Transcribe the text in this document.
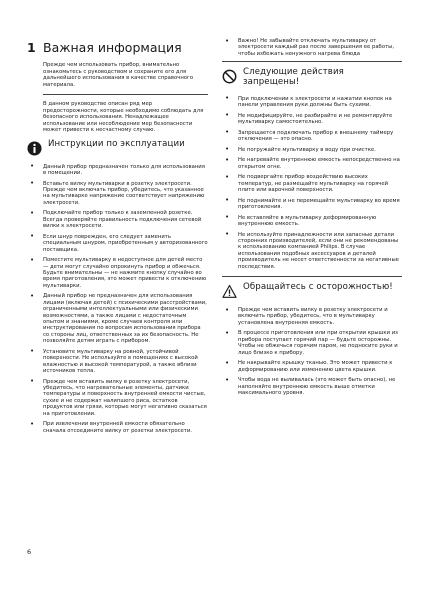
1 Важная информация

Прежде чем использовать прибор, внимательно ознакомьтесь с руководством и сохраните его для дальнейшего использования в качестве справочного материала.

В данном руководстве описан ряд мер предосторожности, которые необходимо соблюдать для безопасного использования. Ненадлежащее использование или несоблюдение мер безопасности может привести к несчастному случаю.

Инструкции по эксплуатации
• Данный прибор предназначен только для использования в помещении.
• Вставьте вилку мультиварки в розетку электросети. Прежде чем включать прибор, убедитесь, что указанное на мультиварке напряжение соответствует напряжению электросети.
• Подключайте прибор только к заземленной розетке. Всегда проверяйте правильность подключения сетевой вилки к электросети.
• Если шнур поврежден, его следует заменить специальным шнуром, приобретенным у авторизованного поставщика.
• Поместите мультиварку в недоступное для детей место — дети могут случайно опрокинуть прибор и обжечься. Будьте внимательны — не нажмите кнопку случайно во время приготовления, это может привести к отключению мультиварки.
• Данный прибор не предназначен для использования лицами (включая детей) с психическими расстройствами, ограниченными интеллектуальными или физическими возможностями, а также лицами с недостаточным опытом и знаниями, кроме случаев контроля или инструктирования по вопросам использования прибора со стороны лиц, ответственных за их безопасность. Не позволяйте детям играть с прибором.
• Установите мультиварку на ровной, устойчивой поверхности. Не используйте в помещениях с высокой влажностью и высокой температурой, а также вблизи источников тепла.
• Прежде чем вставить вилку в розетку электросети, убедитесь, что нагревательные элементы, датчики температуры и поверхность внутренней емкости чистые, сухие и не содержат налипшего риса, остатков продуктов или грязи, которые могут негативно сказаться на приготовлении.
• При извлечении внутренней емкости обязательно сначала отсоедините вилку от розетки электросети.
• Важно! Не забывайте отключать мультиварку от электросети каждый раз после завершения ее работы, чтобы избежать ненужного нагрева блюда
Следующие действия запрещены!
• При подключении к электросети и нажатии кнопок на панели управления руки должны быть сухими.
• Не модифицируйте, не разбирайте и не ремонтируйте мультиварку самостоятельно.
• Запрещается подключать прибор к внешнему таймеру отключения — это опасно.
• Не погружайте мультиварку в воду при очистке.
• Не нагревайте внутреннюю емкость непосредственно на открытом огне.
• Не подвергайте прибор воздействию высоких температур, не размещайте мультиварку на горячей плите или варочной поверхности.
• Не поднимайте и не перемещайте мультиварку во время приготовления.
• Не вставляйте в мультиварку деформированную внутреннюю емкость.
• Не используйте принадлежности или запасные детали сторонних производителей, если они не рекомендованы к использованию компанией Philips. В случае использования подобных аксессуаров и деталей производитель не несет ответственности за негативные последствия.
Обращайтесь с осторожностью!
• Прежде чем вставить вилку в розетку электросети и включить прибор, убедитесь, что в мультиварку установлена внутренняя емкость.
• В процессе приготовления или при открытии крышки из прибора поступает горячий пар — будьте осторожны. Чтобы не обжечься горячим паром, не подносите руки и лицо близко к прибору.
• Не накрывайте крышку тканью. Это может привести к деформированию или изменению цвета крышки.
• Чтобы вода не выливалась (это может быть опасно), не наполняйте внутреннюю емкость выше отметки максимального уровня.
6
